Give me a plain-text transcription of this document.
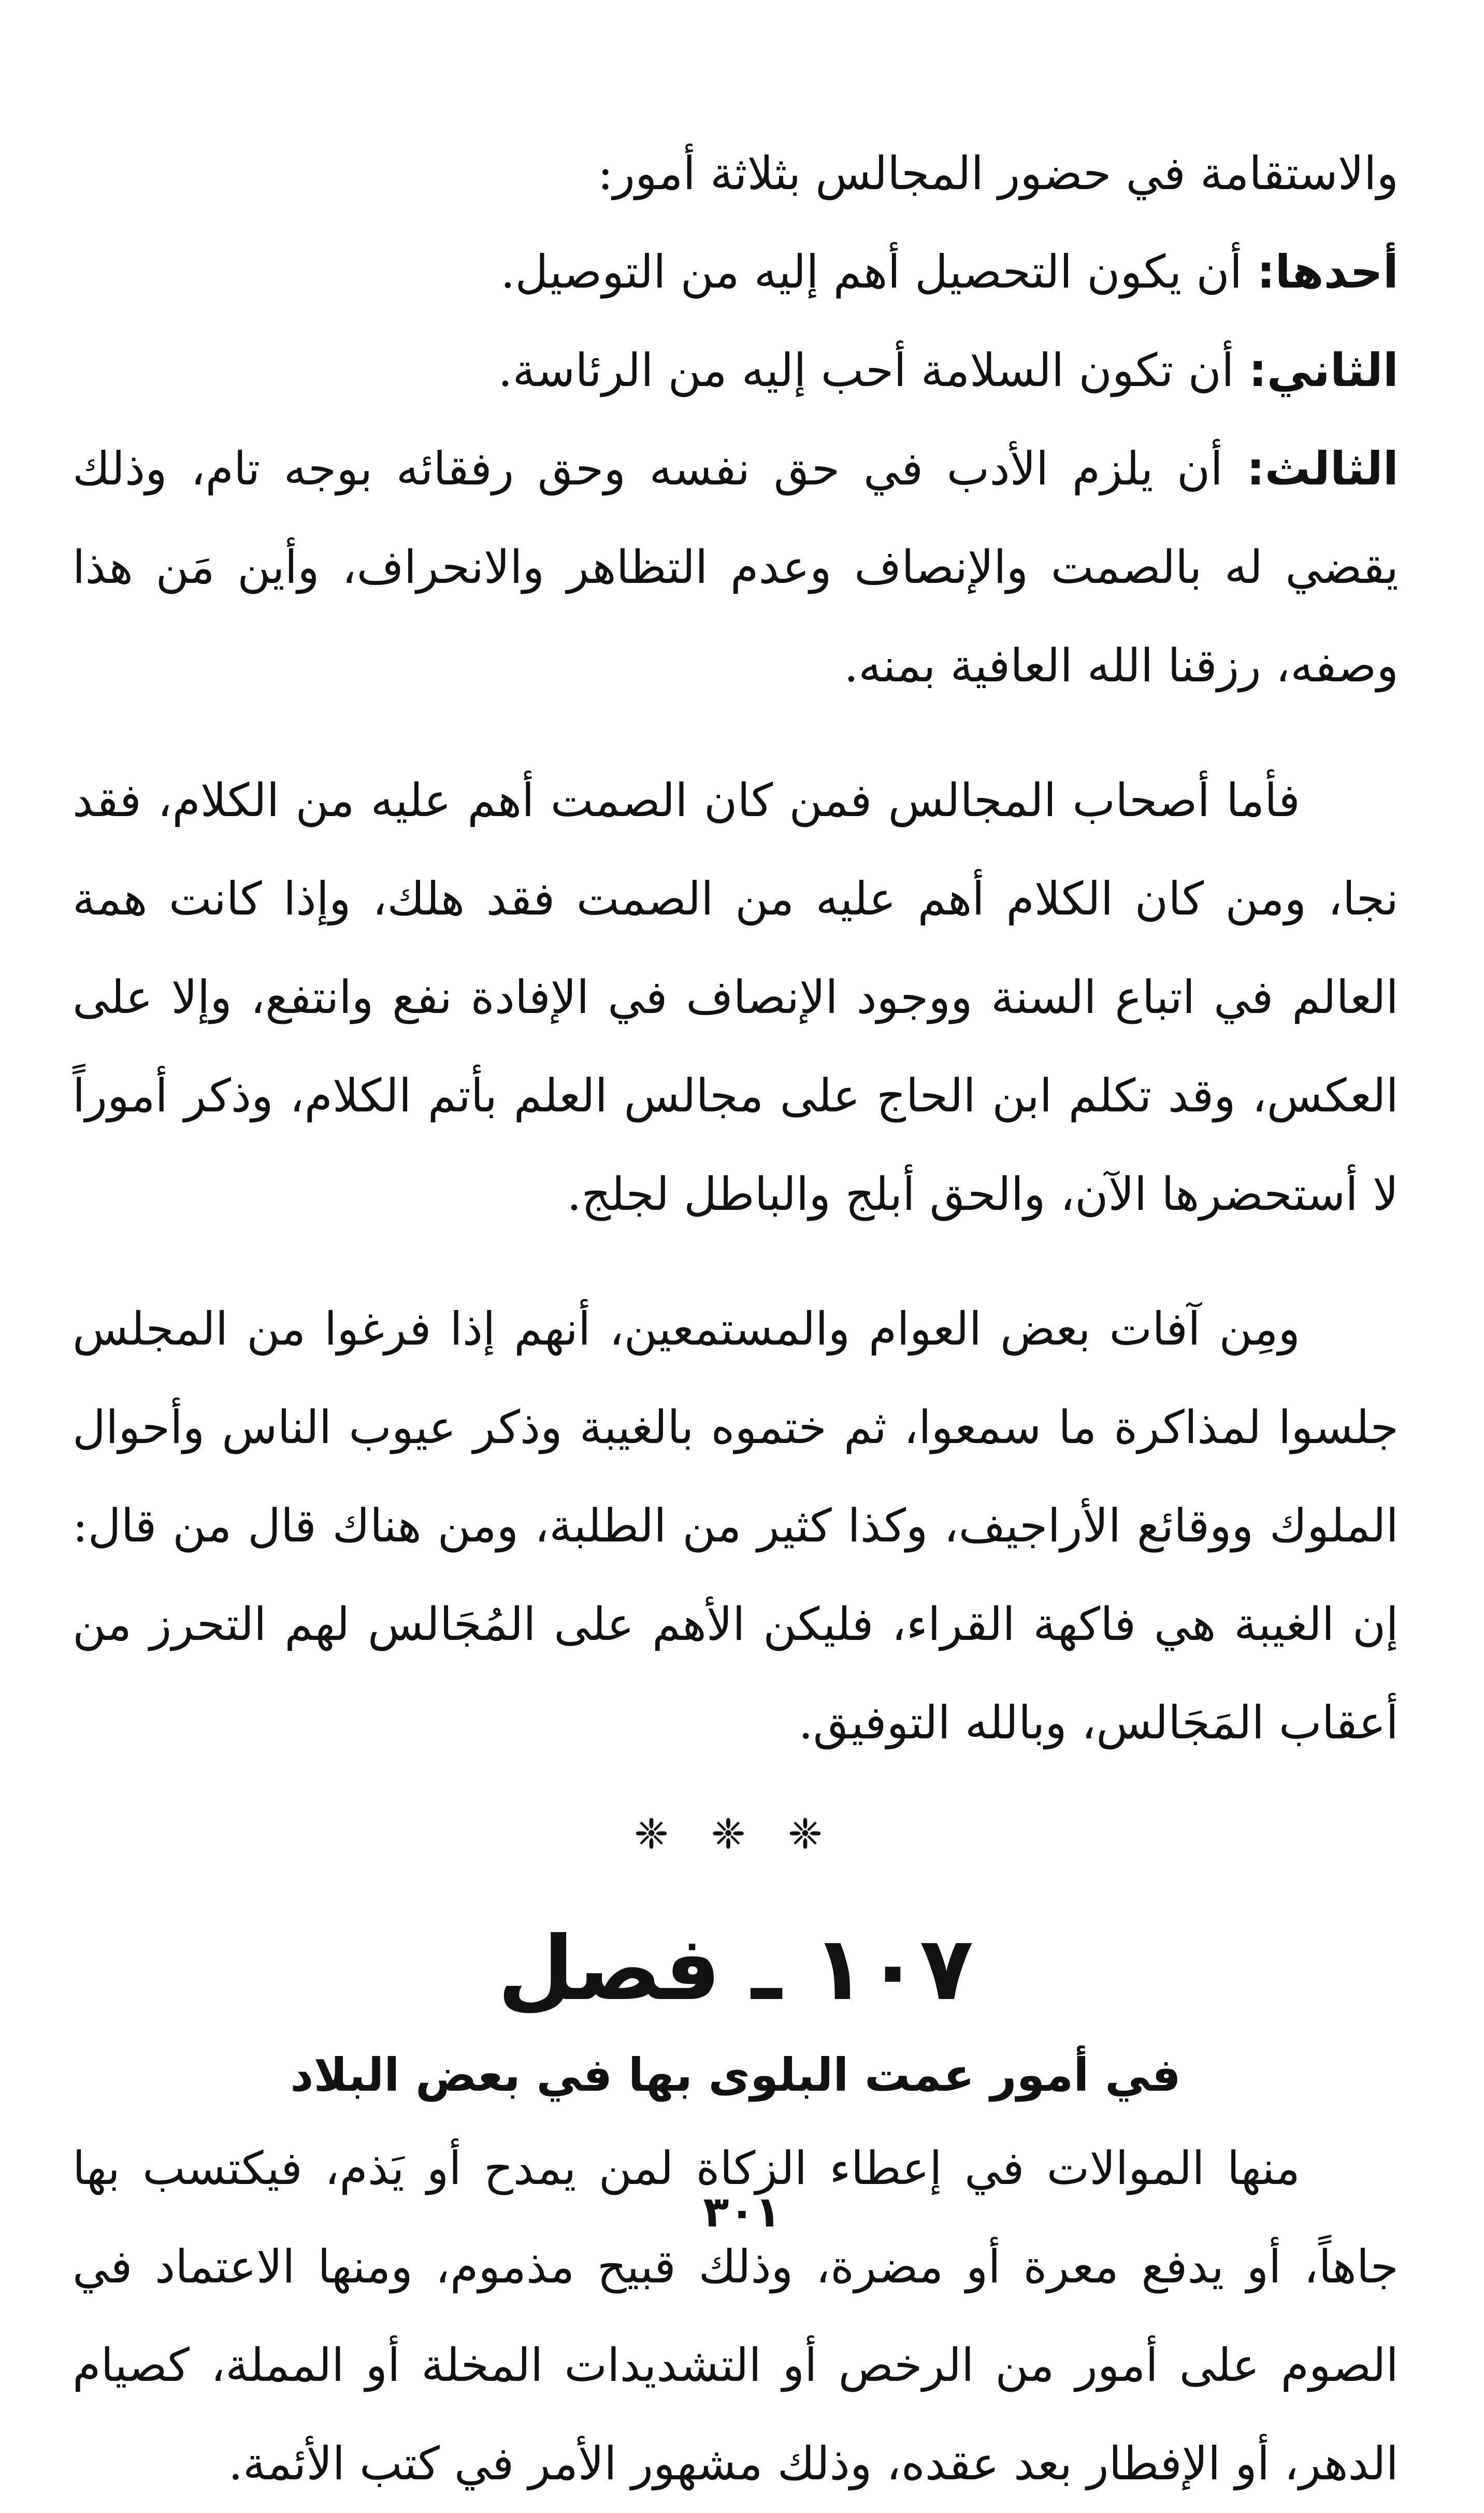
والاستقامة في حضور المجالس بثلاثة أمور:
أحدها: أن يكون التحصيل أهم إليه من التوصيل.
الثاني: أن تكون السلامة أحب إليه من الرئاسة.
الثالث: أن يلزم الأدب في حق نفسه وحق رفقائه بوجه تام، وذلك
يقضي له بالصمت والإنصاف وعدم التظاهر والانحراف، وأين مَن هذا
وصفه، رزقنا الله العافية بمنه.
فأما أصحاب المجالس فمن كان الصمت أهم عليه من الكلام، فقد
نجا، ومن كان الكلام أهم عليه من الصمت فقد هلك، وإذا كانت همة
العالم في اتباع السنة ووجود الإنصاف في الإفادة نفع وانتفع، وإلا على
العكس، وقد تكلم ابن الحاج على مجالس العلم بأتم الكلام، وذكر أموراً
لا أستحضرها الآن، والحق أبلج والباطل لجلج.
ومِن آفات بعض العوام والمستمعين، أنهم إذا فرغوا من المجلس
جلسوا لمذاكرة ما سمعوا، ثم ختموه بالغيبة وذكر عيوب الناس وأحوال
الملوك ووقائع الأراجيف، وكذا كثير من الطلبة، ومن هناك قال من قال:
إن الغيبة هي فاكهة القراء، فليكن الأهم على المُجَالس لهم التحرز من
أعقاب المَجَالس، وبالله التوفيق.
❈ ❈ ❈
١٠٧ ـ فصل
في أمور عمت البلوى بها في بعض البلاد
منها الموالات في إعطاء الزكاة لمن يمدح أو يَذم، فيكتسب بها
جاهاً، أو يدفع معرة أو مضرة، وذلك قبيح مذموم، ومنها الاعتماد في
الصوم على أمور من الرخص أو التشديدات المخلة أو المملة، كصيام
الدهر، أو الإفطار بعد عقده، وذلك مشهور الأمر في كتب الأئمة.
٣٠١
